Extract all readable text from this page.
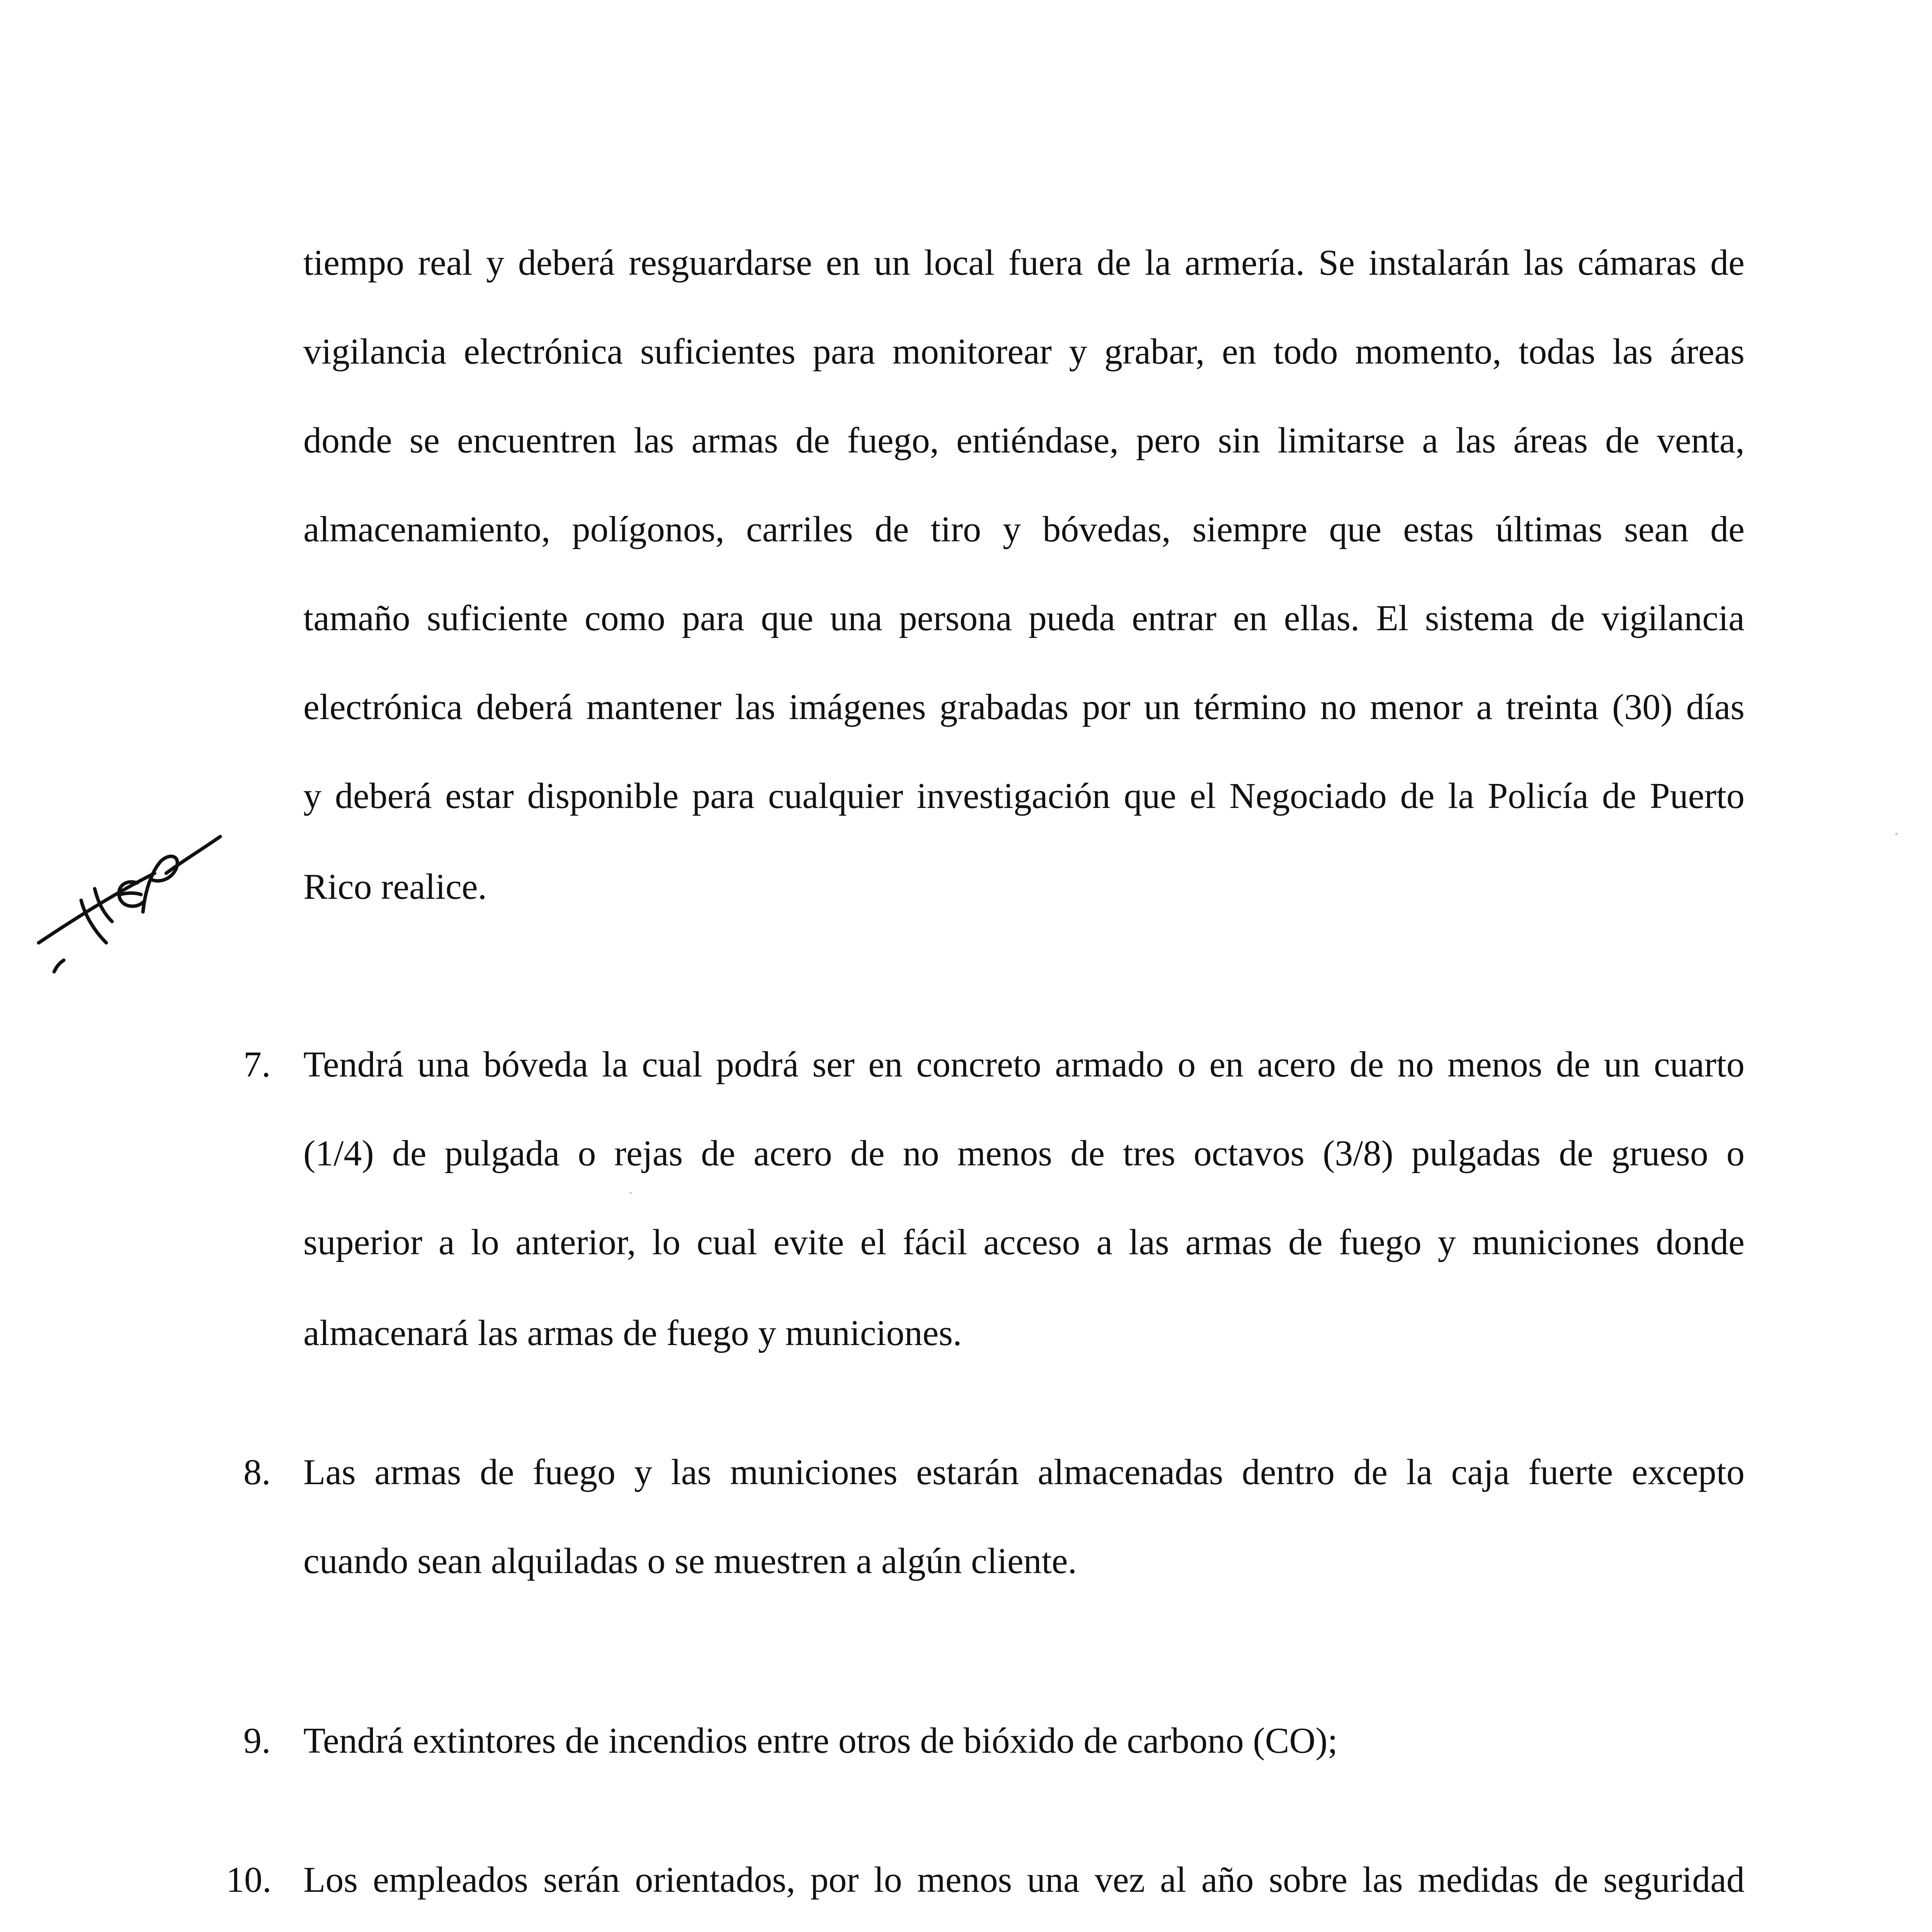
tiempo real y deberá resguardarse en un local fuera de la armería. Se instalarán las cámaras de
vigilancia electrónica suficientes para monitorear y grabar, en todo momento, todas las áreas
donde se encuentren las armas de fuego, entiéndase, pero sin limitarse a las áreas de venta,
almacenamiento, polígonos, carriles de tiro y bóvedas, siempre que estas últimas sean de
tamaño suficiente como para que una persona pueda entrar en ellas. El sistema de vigilancia
electrónica deberá mantener las imágenes grabadas por un término no menor a treinta (30) días
y deberá estar disponible para cualquier investigación que el Negociado de la Policía de Puerto
Rico realice.
7. Tendrá una bóveda la cual podrá ser en concreto armado o en acero de no menos de un cuarto
(1/4) de pulgada o rejas de acero de no menos de tres octavos (3/8) pulgadas de grueso o
superior a lo anterior, lo cual evite el fácil acceso a las armas de fuego y municiones donde
almacenará las armas de fuego y municiones.
8. Las armas de fuego y las municiones estarán almacenadas dentro de la caja fuerte excepto
cuando sean alquiladas o se muestren a algún cliente.
9. Tendrá extintores de incendios entre otros de bióxido de carbono (CO);
10. Los empleados serán orientados, por lo menos una vez al año sobre las medidas de seguridad
